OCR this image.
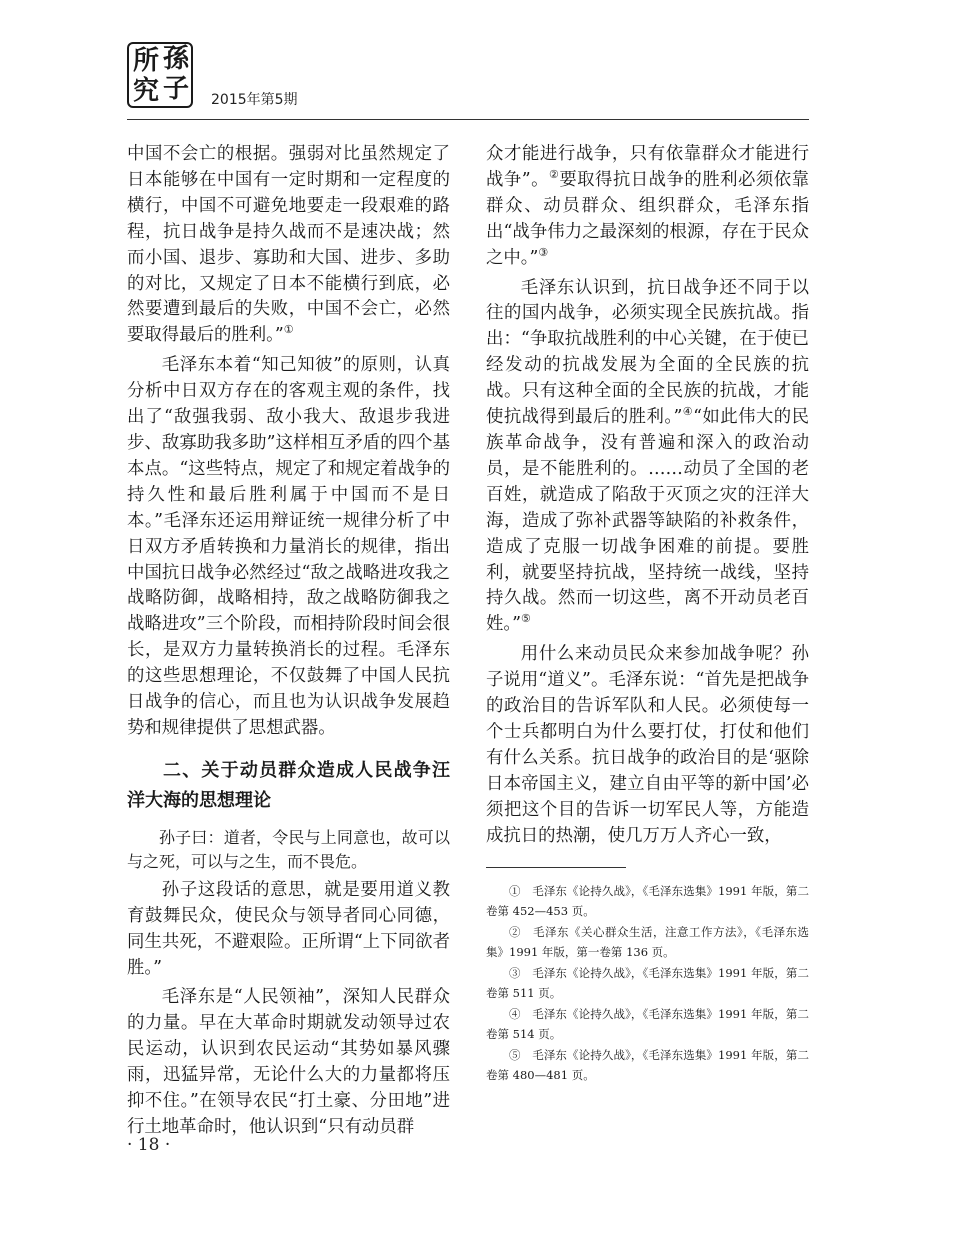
所 孫
究 子 2015年第5期

中国不会亡的根据。强弱对比虽然规定了日本能够在中国有一定时期和一定程度的横行，中国不可避免地要走一段艰难的路程，抗日战争是持久战而不是速决战；然而小国、退步、寡助和大国、进步、多助的对比，又规定了日本不能横行到底，必然要遭到最后的失败，中国不会亡，必然要取得最后的胜利。”①

毛泽东本着“知己知彼”的原则，认真分析中日双方存在的客观主观的条件，找出了“敌强我弱、敌小我大、敌退步我进步、敌寡助我多助”这样相互矛盾的四个基本点。“这些特点，规定了和规定着战争的持久性和最后胜利属于中国而不是日本。”毛泽东还运用辩证统一规律分析了中日双方矛盾转换和力量消长的规律，指出中国抗日战争必然经过“敌之战略进攻我之战略防御，战略相持，敌之战略防御我之战略进攻”三个阶段，而相持阶段时间会很长，是双方力量转换消长的过程。毛泽东的这些思想理论，不仅鼓舞了中国人民抗日战争的信心，而且也为认识战争发展趋势和规律提供了思想武器。

二、关于动员群众造成人民战争汪洋大海的思想理论

孙子曰：道者，令民与上同意也，故可以与之死，可以与之生，而不畏危。

孙子这段话的意思，就是要用道义教育鼓舞民众，使民众与领导者同心同德，同生共死，不避艰险。正所谓“上下同欲者胜。”

毛泽东是“人民领袖”，深知人民群众的力量。早在大革命时期就发动领导过农民运动，认识到农民运动“其势如暴风骤雨，迅猛异常，无论什么大的力量都将压抑不住。”在领导农民“打土豪、分田地”进行土地革命时，他认识到“只有动员群

众才能进行战争，只有依靠群众才能进行战争”。②要取得抗日战争的胜利必须依靠群众、动员群众、组织群众，毛泽东指出“战争伟力之最深刻的根源，存在于民众之中。”③

毛泽东认识到，抗日战争还不同于以往的国内战争，必须实现全民族抗战。指出：“争取抗战胜利的中心关键，在于使已经发动的抗战发展为全面的全民族的抗战。只有这种全面的全民族的抗战，才能使抗战得到最后的胜利。”④“如此伟大的民族革命战争，没有普遍和深入的政治动员，是不能胜利的。……动员了全国的老百姓，就造成了陷敌于灭顶之灾的汪洋大海，造成了弥补武器等缺陷的补救条件，造成了克服一切战争困难的前提。要胜利，就要坚持抗战，坚持统一战线，坚持持久战。然而一切这些，离不开动员老百姓。”⑤

用什么来动员民众来参加战争呢？孙子说用“道义”。毛泽东说：“首先是把战争的政治目的告诉军队和人民。必须使每一个士兵都明白为什么要打仗，打仗和他们有什么关系。抗日战争的政治目的是‘驱除日本帝国主义，建立自由平等的新中国’必须把这个目的告诉一切军民人等，方能造成抗日的热潮，使几万万人齐心一致，

①　毛泽东《论持久战》，《毛泽东选集》1991 年版，第二卷第 452—453 页。

②　毛泽东《关心群众生活，注意工作方法》，《毛泽东选集》1991 年版，第一卷第 136 页。

③　毛泽东《论持久战》，《毛泽东选集》1991 年版，第二卷第 511 页。

④　毛泽东《论持久战》，《毛泽东选集》1991 年版，第二卷第 514 页。

⑤　毛泽东《论持久战》，《毛泽东选集》1991 年版，第二卷第 480—481 页。

· 18 ·
